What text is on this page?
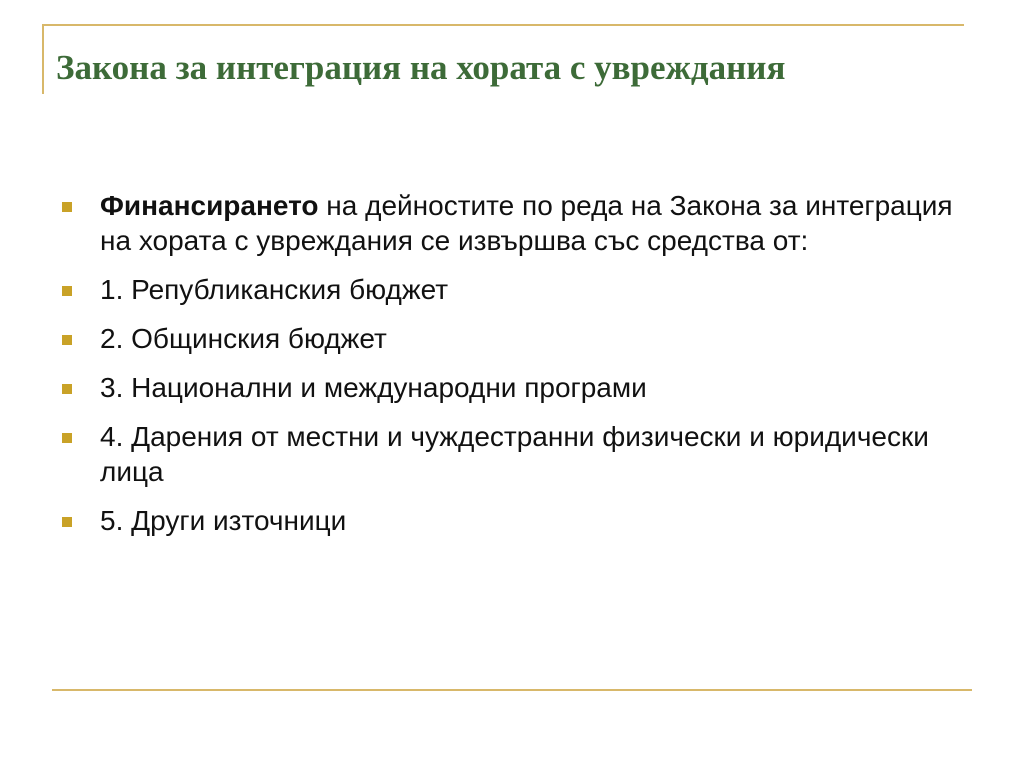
Закона за интеграция на хората с увреждания
Финансирането на дейностите по реда на Закона за интеграция на хората с увреждания се извършва със средства от:
1. Републиканския бюджет
2. Общинския бюджет
3. Национални и международни програми
4. Дарения от местни и чуждестранни физически и юридически лица
5. Други източници
